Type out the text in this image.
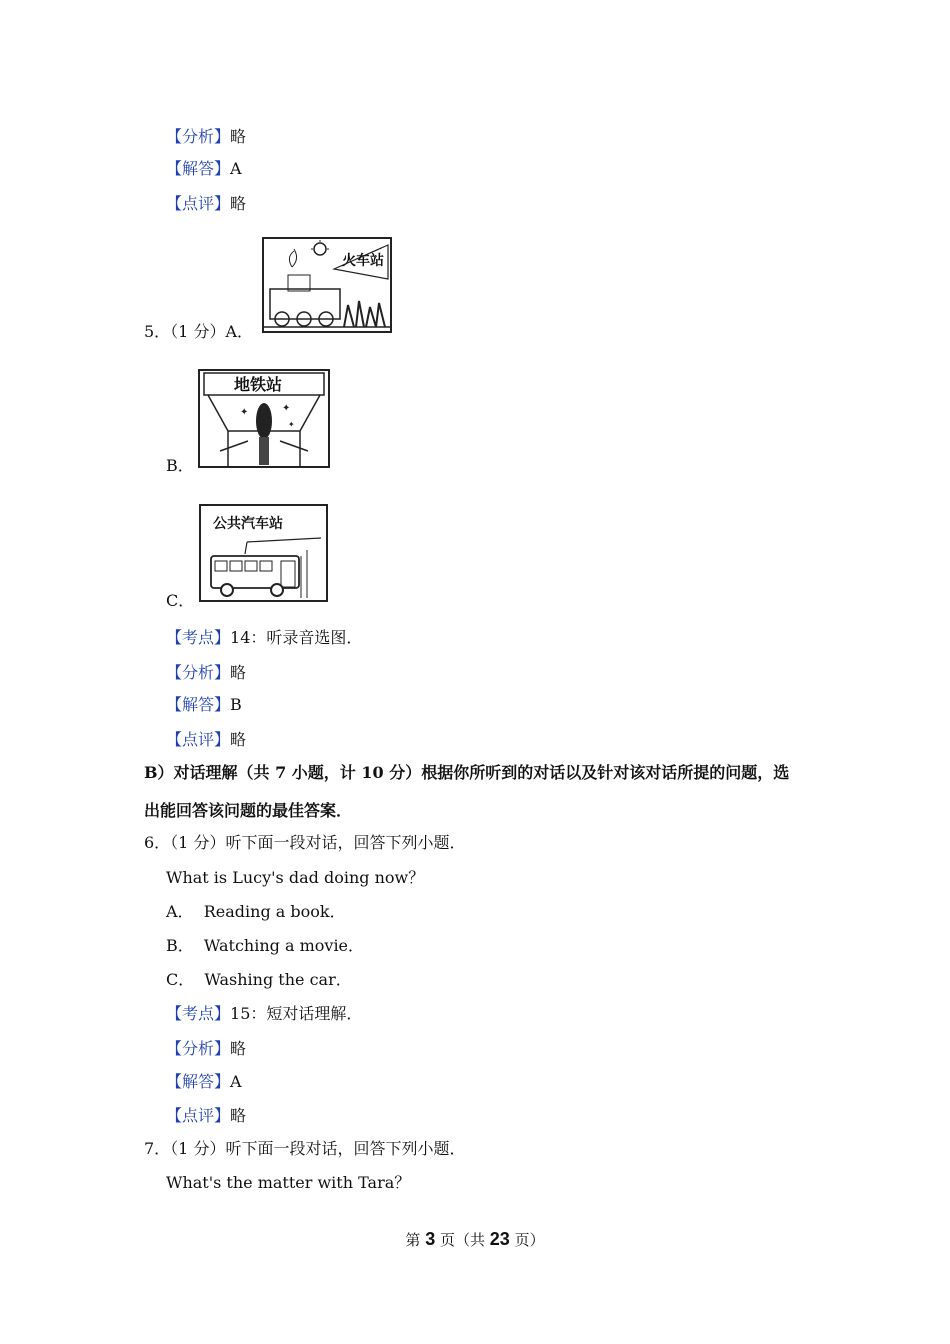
【分析】略
【解答】A
【点评】略
5．（1 分）A．
火车站
地铁站
✦	✦
✦
B．
公共汽车站
C．
【考点】14：听录音选图．
【分析】略
【解答】B
【点评】略
B）对话理解（共 7 小题，计 10 分）根据你所听到的对话以及针对该对话所提的问题，选
出能回答该问题的最佳答案．
6．（1 分）听下面一段对话，回答下列小题．
What is Lucy's dad doing now？
A．  Reading a book．
B．  Watching a movie．
C．  Washing the car．
【考点】15：短对话理解．
【分析】略
【解答】A
【点评】略
7．（1 分）听下面一段对话，回答下列小题．
What's the matter with Tara？
第 3 页（共 23 页）
